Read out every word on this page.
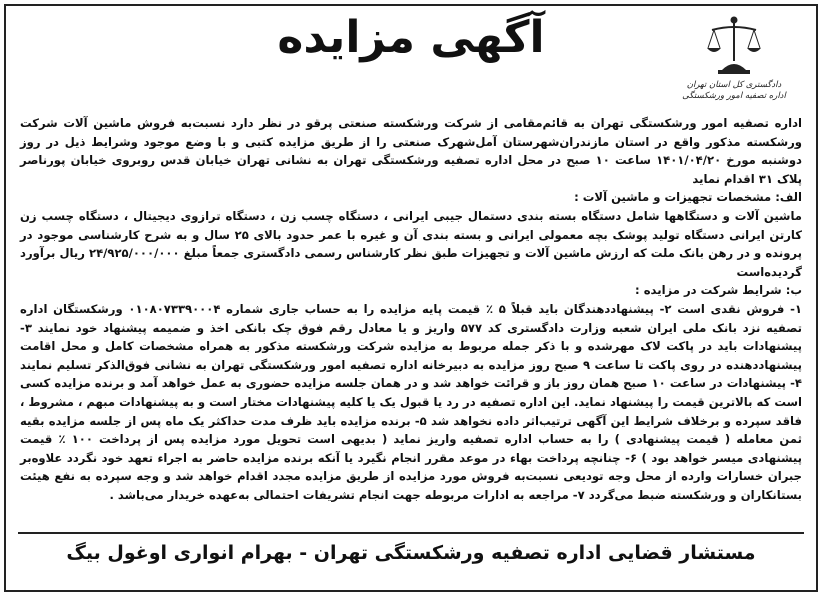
آگهی مزایده
دادگستری کل استان تهران
اداره تصفیه امور ورشکستگی

اداره تصفیه امور ورشکستگی تهران به قائم‌مقامی از شرکت ورشکسته صنعتی پرقو در نظر دارد نسبت‌به فروش ماشین آلات شرکت ورشکسته مذکور واقع در استان مازندران‌شهرستان آمل‌شهرک صنعتی را از طریق مزایده کتبی و با وضع موجود و‌شرایط ذیل در روز دوشنبه مورخ ۱۴۰۱/۰۴/۲۰ ساعت ۱۰ صبح در محل اداره تصفیه ورشکستگی تهران به نشانی تهران خیابان قدس روبروی خیابان پورناصر پلاک ۳۱ اقدام نماید

الف: مشخصات تجهیزات و ماشین آلات :

ماشین آلات و دستگاهها شامل دستگاه بسته بندی دستمال جیبی ایرانی ، دستگاه چسب زن ، دستگاه ترازوی دیجیتال ، دستگاه چسب زن کارتن ایرانی دستگاه تولید پوشک بچه معمولی ایرانی و بسته بندی آن و غیره با عمر حدود بالای ۲۵ سال و به شرح کارشناسی موجود در پرونده و در رهن بانک ملت که ارزش ماشین آلات و تجهیزات طبق نظر کارشناس رسمی دادگستری جمعاً مبلغ ۲۴/۹۲۵/۰۰۰/۰۰۰ ریال برآورد گردیده‌است

ب: شرایط شرکت در مزایده :

۱- فروش نقدی است ۲- پیشنهاددهندگان باید قبلاً ۵ ٪ قیمت پایه مزایده را به حساب جاری شماره ۰۱۰۸۰۷۳۳۹۰۰۰۴ ورشکستگان اداره تصفیه نزد بانک ملی ایران شعبه وزارت دادگستری کد ۵۷۷ واریز و یا معادل رقم فوق چک بانکی اخذ و ضمیمه پیشنهاد خود نمایند ۳- پیشنهادات باید در پاکت لاک مهرشده و با ذکر جمله مربوط به مزایده شرکت ورشکسته مذکور به همراه مشخصات کامل و محل اقامت پیشنهاددهنده در روی پاکت تا ساعت ۹ صبح روز مزایده به دبیرخانه اداره تصفیه امور ورشکستگی تهران به نشانی فوق‌الذکر تسلیم نمایند ۴- پیشنهادات در ساعت ۱۰ صبح همان روز باز و قرائت خواهد شد و در همان جلسه مزایده حضوری به عمل خواهد آمد و برنده مزایده کسی است که بالاترین قیمت را پیشنهاد نماید. این اداره تصفیه در رد یا قبول یک یا کلیه پیشنهادات مختار است و به پیشنهادات مبهم ، مشروط ، فاقد سپرده و برخلاف شرایط این آگهی ترتیب‌اثر داده نخواهد شد ۵- برنده مزایده باید ظرف مدت حداکثر یک ماه پس از جلسه مزایده بقیه ثمن معامله ( قیمت پیشنهادی ) را به حساب اداره تصفیه واریز نماید ( بدیهی است تحویل مورد مزایده پس از پرداخت ۱۰۰ ٪ قیمت پیشنهادی میسر خواهد بود ) ۶- چنانچه پرداخت بهاء در موعد مقرر انجام نگیرد یا آنکه برنده مزایده حاضر به اجراء تعهد خود نگردد علاوه‌بر جبران خسارات وارده از محل وجه تودیعی نسبت‌به فروش مورد مزایده از طریق مزایده مجدد اقدام خواهد شد و وجه سپرده به نفع هیئت بستانکاران و ورشکسته ضبط می‌گردد ۷- مراجعه به ادارات مربوطه جهت انجام تشریفات احتمالی به‌عهده خریدار می‌باشد .

مستشار قضایی اداره تصفیه ورشکستگی تهران - بهرام انواری اوغول بیگ
